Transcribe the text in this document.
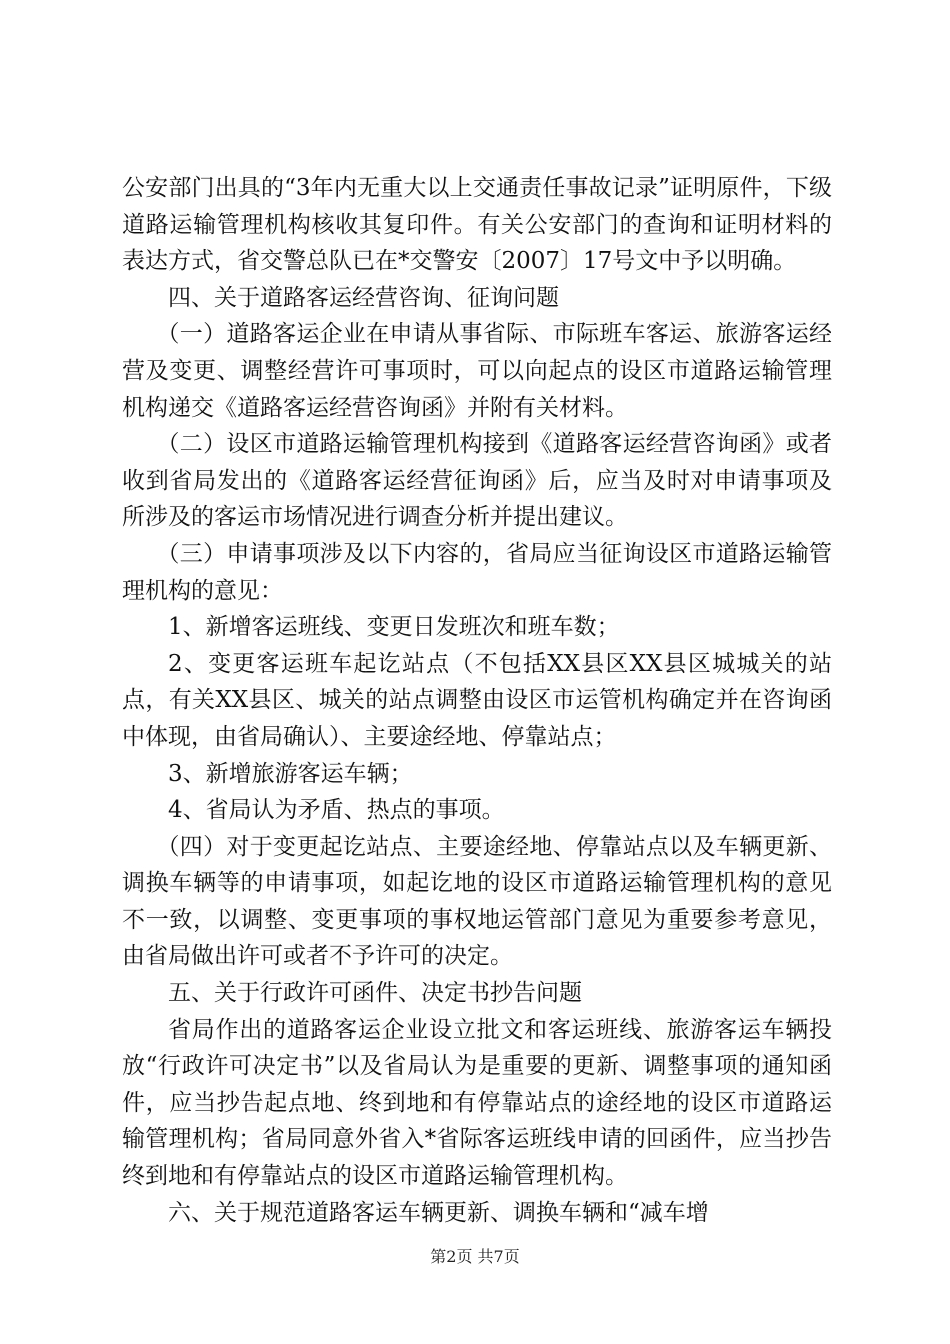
公安部门出具的“3年内无重大以上交通责任事故记录”证明原件，下级道路运输管理机构核收其复印件。有关公安部门的查询和证明材料的表达方式，省交警总队已在*交警安〔2007〕17号文中予以明确。

四、关于道路客运经营咨询、征询问题

（一）道路客运企业在申请从事省际、市际班车客运、旅游客运经营及变更、调整经营许可事项时，可以向起点的设区市道路运输管理机构递交《道路客运经营咨询函》并附有关材料。

（二）设区市道路运输管理机构接到《道路客运经营咨询函》或者收到省局发出的《道路客运经营征询函》后，应当及时对申请事项及所涉及的客运市场情况进行调查分析并提出建议。

（三）申请事项涉及以下内容的，省局应当征询设区市道路运输管理机构的意见：

1、新增客运班线、变更日发班次和班车数；

2、变更客运班车起讫站点（不包括XX县区XX县区城城关的站点，有关XX县区、城关的站点调整由设区市运管机构确定并在咨询函中体现，由省局确认）、主要途经地、停靠站点；

3、新增旅游客运车辆；

4、省局认为矛盾、热点的事项。

（四）对于变更起讫站点、主要途经地、停靠站点以及车辆更新、调换车辆等的申请事项，如起讫地的设区市道路运输管理机构的意见不一致，以调整、变更事项的事权地运管部门意见为重要参考意见，由省局做出许可或者不予许可的决定。

五、关于行政许可函件、决定书抄告问题

省局作出的道路客运企业设立批文和客运班线、旅游客运车辆投放“行政许可决定书”以及省局认为是重要的更新、调整事项的通知函件，应当抄告起点地、终到地和有停靠站点的途经地的设区市道路运输管理机构；省局同意外省入*省际客运班线申请的回函件，应当抄告终到地和有停靠站点的设区市道路运输管理机构。

六、关于规范道路客运车辆更新、调换车辆和“减车增

第2页 共7页
